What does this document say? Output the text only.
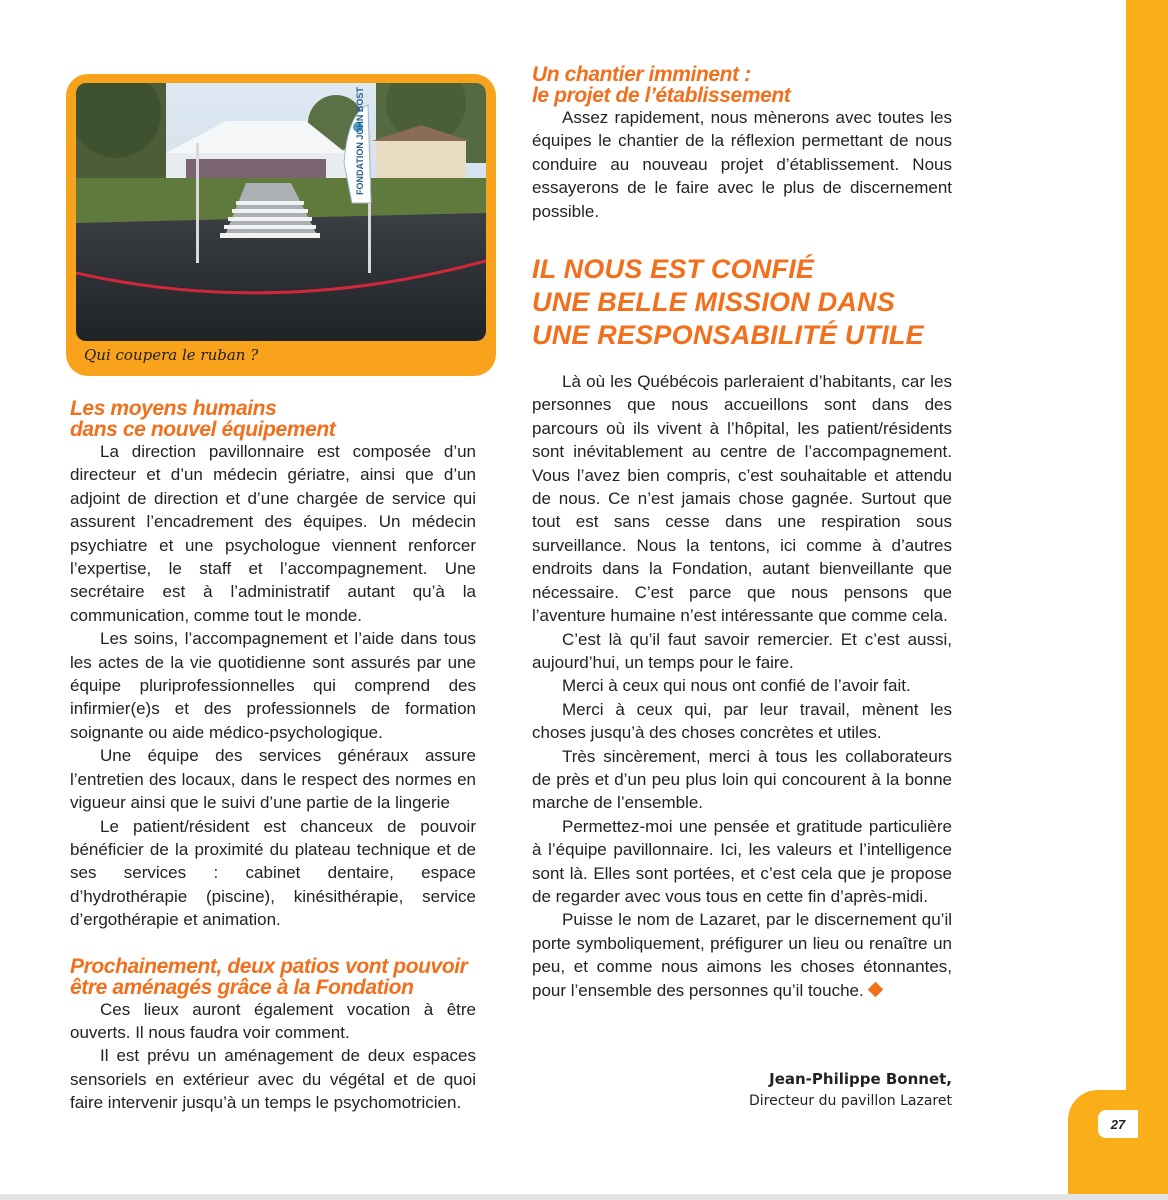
27
FONDATION JOHN BOST
Qui coupera le ruban ?
Les moyens humains
dans ce nouvel équipement

La direction pavillonnaire est composée d’un directeur et d’un médecin gériatre, ainsi que d’un adjoint de direction et d’une chargée de service qui assurent l’encadrement des équipes. Un médecin psychiatre et une psychologue viennent renforcer l’expertise, le staff et l’accompagnement. Une secrétaire est à l’administratif autant qu’à la communication, comme tout le monde.

Les soins, l’accompagnement et l’aide dans tous les actes de la vie quotidienne sont assurés par une équipe pluriprofessionnelles qui comprend des infirmier(e)s et des professionnels de formation soignante ou aide médico-psychologique.

Une équipe des services généraux assure l’entretien des locaux, dans le respect des normes en vigueur ainsi que le suivi d’une partie de la lingerie

Le patient/résident est chanceux de pouvoir bénéficier de la proximité du plateau technique et de ses services : cabinet dentaire, espace d’hydrothérapie (piscine), kinésithérapie, service d’ergothérapie et animation.

Prochainement, deux patios vont pouvoir
être aménagés grâce à la Fondation

Ces lieux auront également vocation à être ouverts. Il nous faudra voir comment.

Il est prévu un aménagement de deux espaces sensoriels en extérieur avec du végétal et de quoi faire intervenir jusqu’à un temps le psychomotricien.

Un chantier imminent :
le projet de l’établissement

Assez rapidement, nous mènerons avec toutes les équipes le chantier de la réflexion permettant de nous conduire au nouveau projet d’établissement. Nous essayerons de le faire avec le plus de discernement possible.

IL NOUS EST CONFIÉ
UNE BELLE MISSION DANS
UNE RESPONSABILITÉ UTILE

Là où les Québécois parleraient d’habitants, car les personnes que nous accueillons sont dans des parcours où ils vivent à l’hôpital, les patient/résidents sont inévitablement au centre de l’accompagnement. Vous l’avez bien compris, c’est souhaitable et attendu de nous. Ce n’est jamais chose gagnée. Surtout que tout est sans cesse dans une respiration sous surveillance. Nous la tentons, ici comme à d’autres endroits dans la Fondation, autant bienveillante que nécessaire. C’est parce que nous pensons que l’aventure humaine n’est intéressante que comme cela.

C’est là qu’il faut savoir remercier. Et c’est aussi, aujourd’hui, un temps pour le faire.

Merci à ceux qui nous ont confié de l’avoir fait.

Merci à ceux qui, par leur travail, mènent les choses jusqu’à des choses concrètes et utiles.

Très sincèrement, merci à tous les collaborateurs de près et d’un peu plus loin qui concourent à la bonne marche de l’ensemble.

Permettez-moi une pensée et gratitude particulière à l’équipe pavillonnaire. Ici, les valeurs et l’intelligence sont là. Elles sont portées, et c’est cela que je propose de regarder avec vous tous en cette fin d’après-midi.

Puisse le nom de Lazaret, par le discernement qu’il porte symboliquement, préfigurer un lieu ou renaître un peu, et comme nous aimons les choses étonnantes, pour l’ensemble des personnes qu’il touche.

Jean-Philippe Bonnet,
Directeur du pavillon Lazaret
